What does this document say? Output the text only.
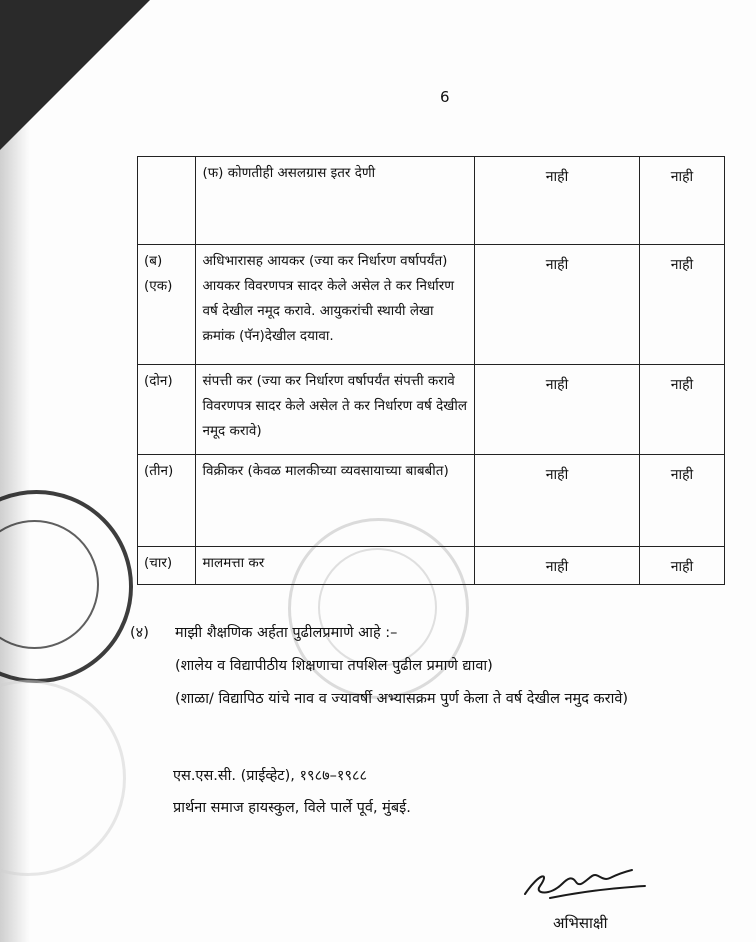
6
	(फ) कोणतीही असलग्रास इतर देणी	नाही	नाही
(ब)(एक)	अधिभारासह आयकर (ज्या कर निर्धारण वर्षापर्यंत) आयकर विवरणपत्र सादर केले असेल ते कर निर्धारण वर्ष देखील नमूद करावे. आयुकरांची स्थायी लेखा क्रमांक (पॅन)देखील दयावा.	नाही	नाही
(दोन)	संपत्ती कर (ज्या कर निर्धारण वर्षापर्यंत संपत्ती करावे विवरणपत्र सादर केले असेल ते कर निर्धारण वर्ष देखील नमूद करावे)	नाही	नाही
(तीन)	विक्रीकर (केवळ मालकीच्या व्यवसायाच्या बाबबीत)	नाही	नाही
(चार)	मालमत्ता कर	नाही	नाही
(४) माझी शैक्षणिक अर्हता पुढीलप्रमाणे आहे :–
(शालेय व विद्यापीठीय शिक्षणाचा तपशिल पुढील प्रमाणे द्यावा)
(शाळा/ विद्यापिठ यांचे नाव व ज्यावर्षी अभ्यासक्रम पुर्ण केला ते वर्ष देखील नमुद करावे)
एस.एस.सी. (प्राईव्हेट), १९८७–१९८८
प्रार्थना समाज हायस्कुल, विले पार्ले पूर्व, मुंबई.
अभिसाक्षी
